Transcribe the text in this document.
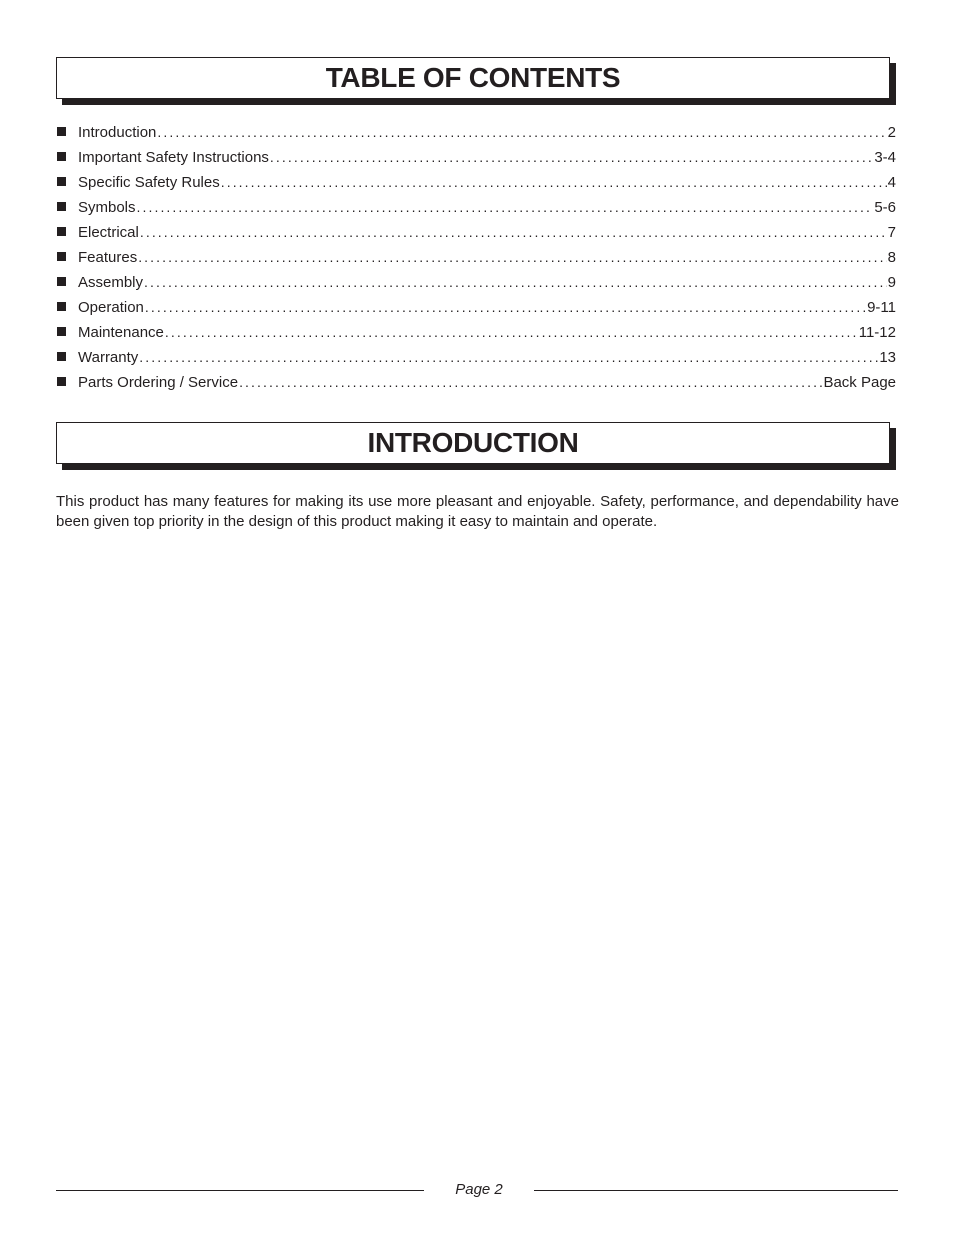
TABLE OF CONTENTS
Introduction . . .	2
Important Safety Instructions . . .	3-4
Specific Safety Rules . . .	4
Symbols . . .	5-6
Electrical . . .	7
Features . . .	8
Assembly . . .	9
Operation . . .	9-11
Maintenance . . .	11-12
Warranty . . .	13
Parts Ordering / Service . . .	Back Page
INTRODUCTION

This product has many features for making its use more pleasant and enjoyable. Safety, performance, and dependability have been given top priority in the design of this product making it easy to maintain and operate.

Page 2
